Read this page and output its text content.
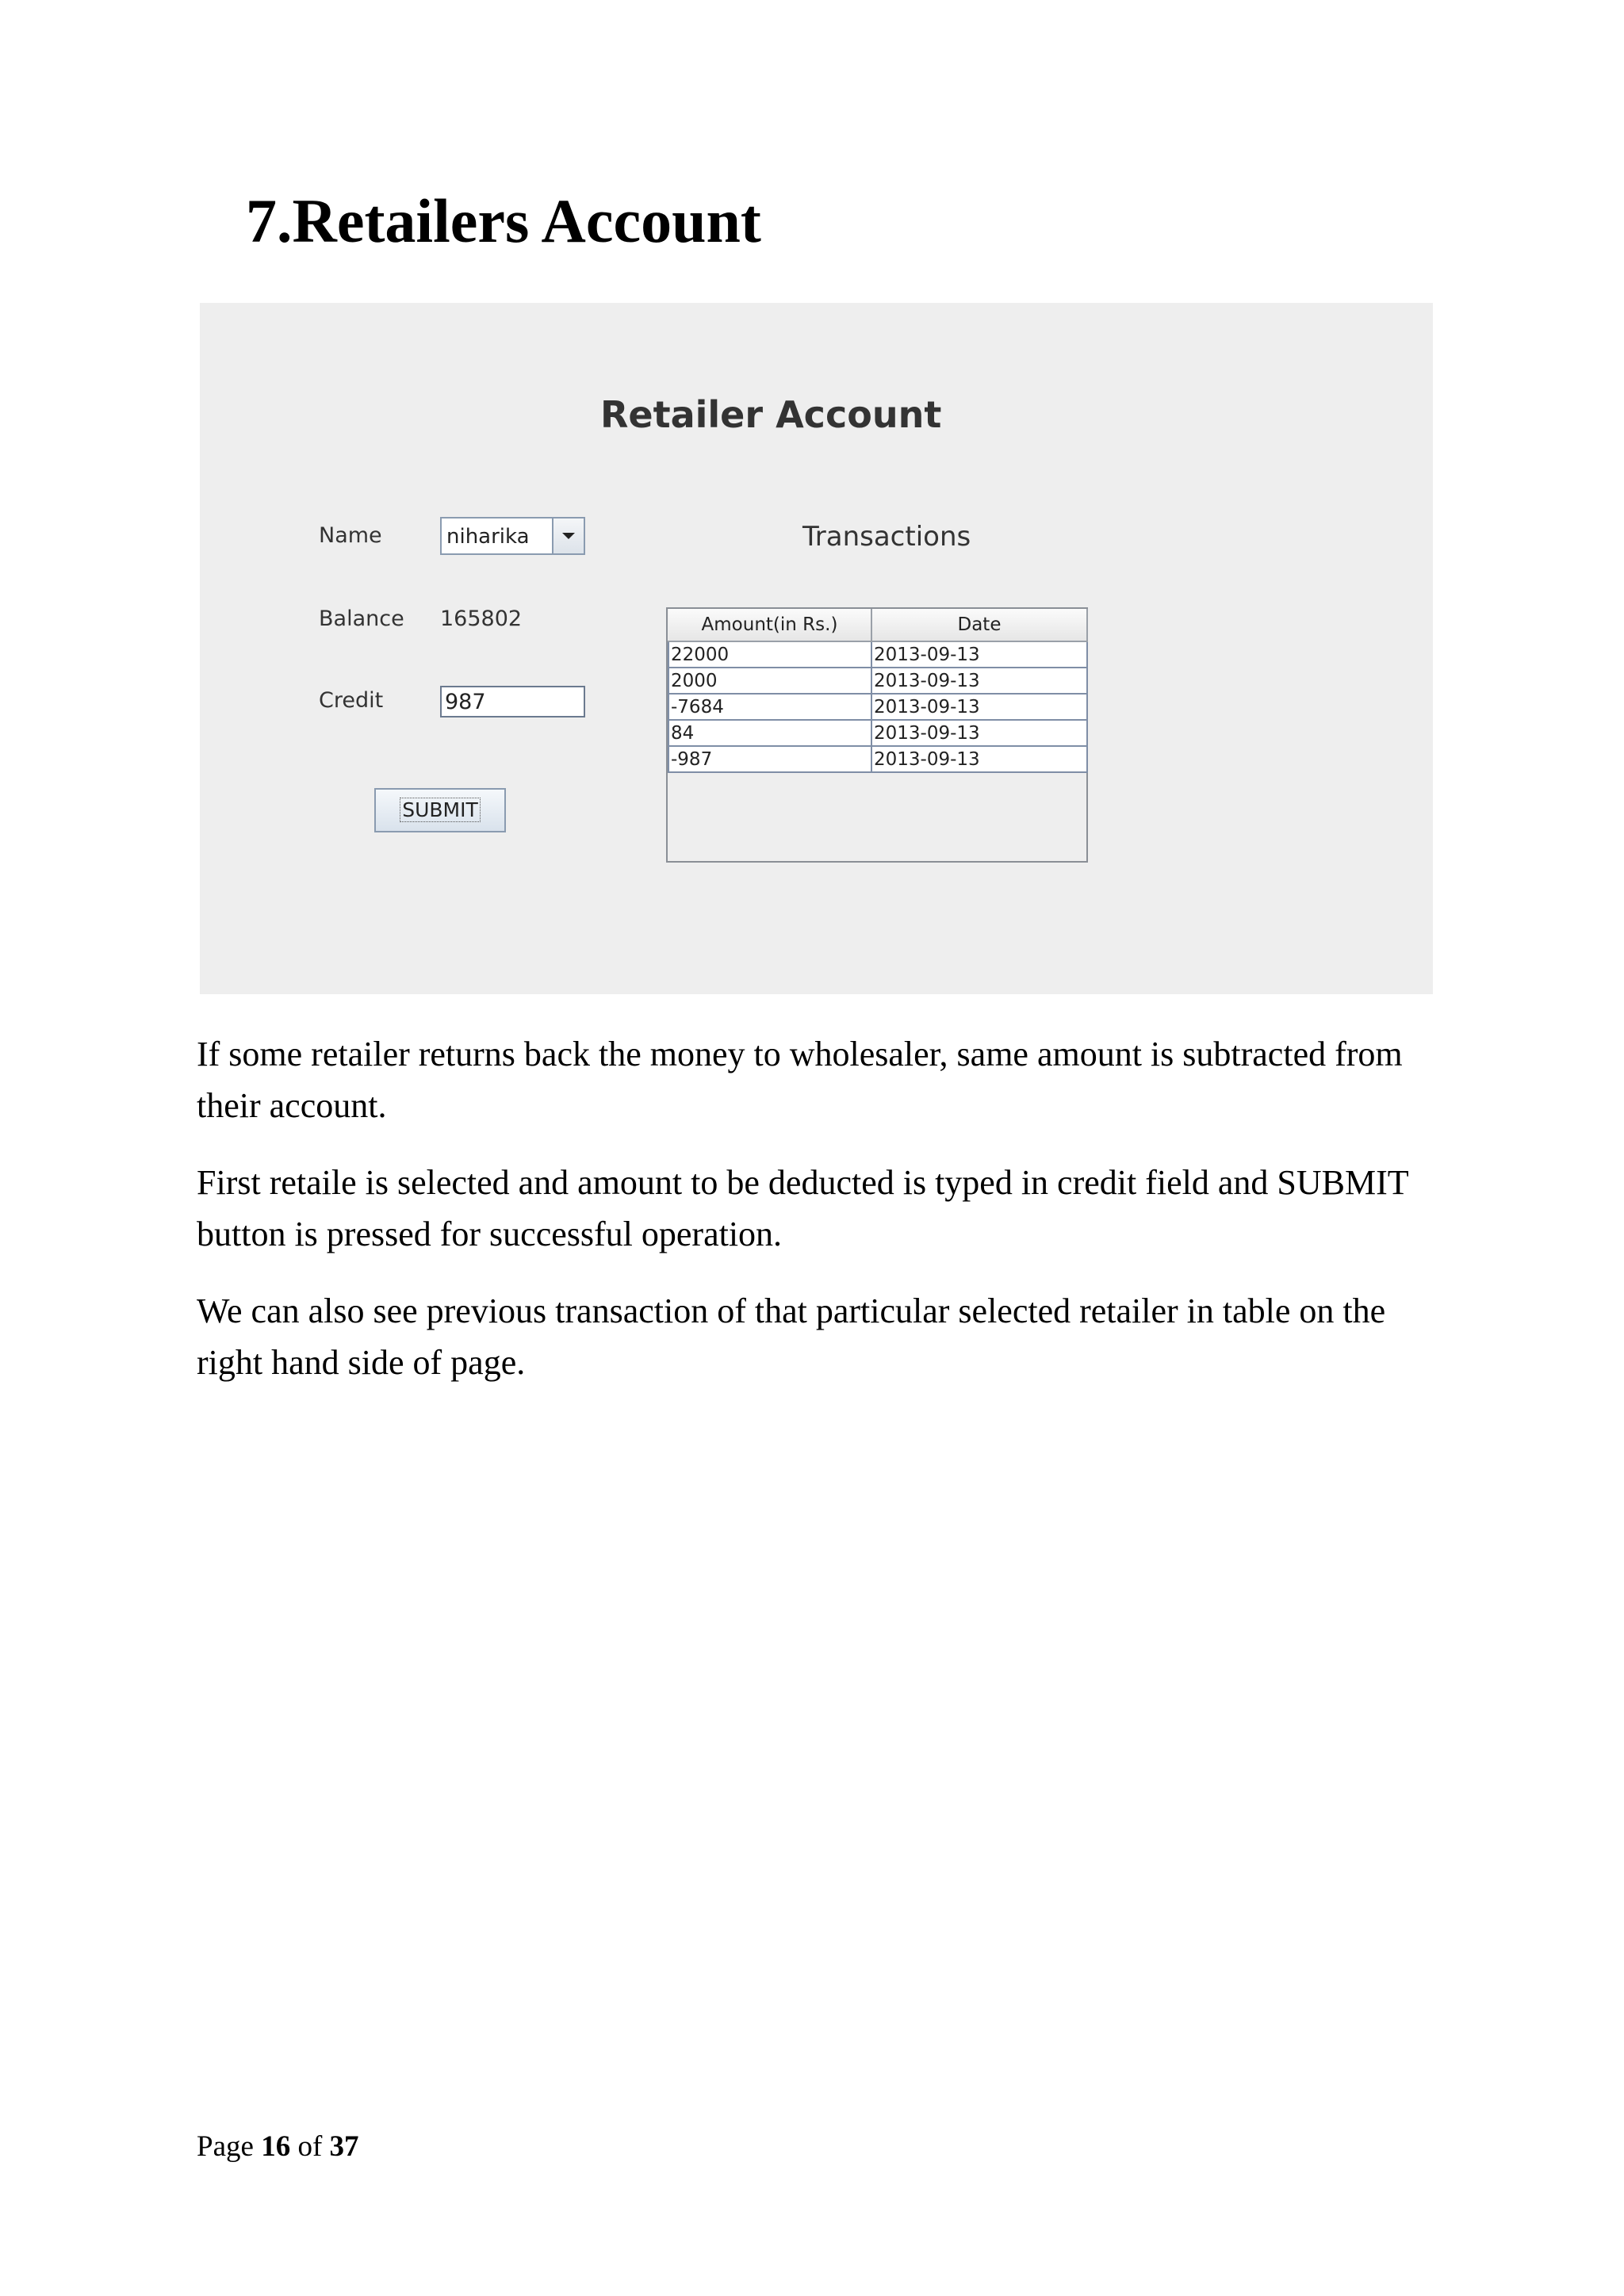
7.Retailers Account
Retailer Account
Name	niharika
Balance 165802
Credit
987
SUBMIT
Transactions
Amount(in Rs.)	Date
22000	2013-09-13
2000	2013-09-13
-7684	2013-09-13
84	2013-09-13
-987	2013-09-13

If some retailer returns back the money to wholesaler, same amount is subtracted from their account.

First retaile is selected and amount to be deducted is typed in credit field and SUBMIT button is pressed for successful operation.

We can also see previous transaction of that particular selected retailer in table on the right hand side of page.

Page 16 of 37
